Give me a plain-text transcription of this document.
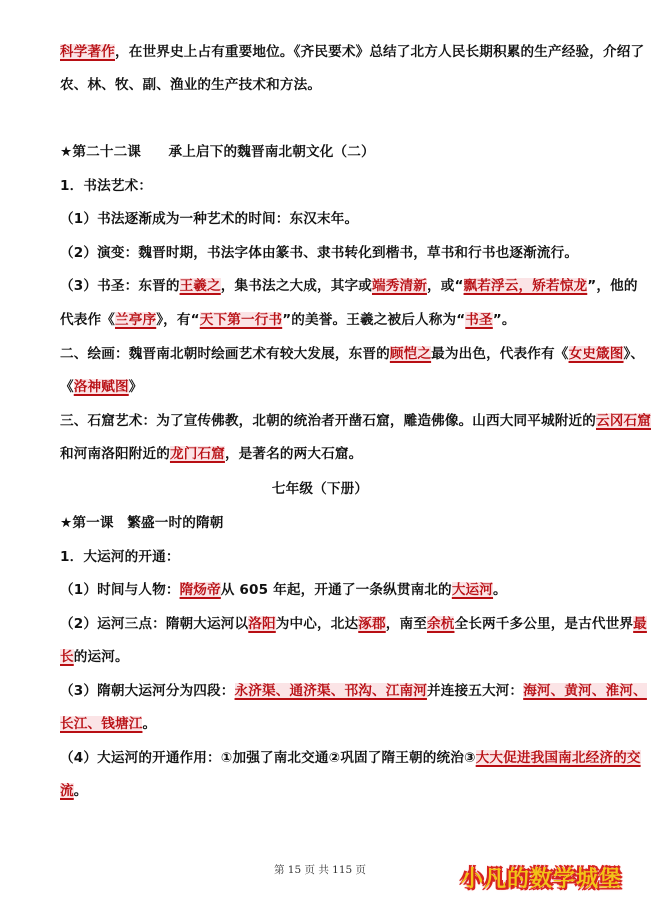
科学著作，在世界史上占有重要地位。《齐民要术》总结了北方人民长期积累的生产经验，介绍了
农、林、牧、副、渔业的生产技术和方法。
★第二十二课　　承上启下的魏晋南北朝文化（二）
1．书法艺术：
（1）书法逐渐成为一种艺术的时间：东汉末年。
（2）演变：魏晋时期，书法字体由篆书、隶书转化到楷书，草书和行书也逐渐流行。
（3）书圣：东晋的王羲之，集书法之大成，其字或端秀清新，或“飘若浮云，矫若惊龙”，他的
代表作《兰亭序》，有“天下第一行书”的美誉。王羲之被后人称为“书圣”。
二、绘画：魏晋南北朝时绘画艺术有较大发展，东晋的顾恺之最为出色，代表作有《女史箴图》、
《洛神赋图》
三、石窟艺术：为了宣传佛教，北朝的统治者开凿石窟，雕造佛像。山西大同平城附近的云冈石窟
和河南洛阳附近的龙门石窟，是著名的两大石窟。
七年级（下册）
★第一课　繁盛一时的隋朝
1．大运河的开通：
（1）时间与人物：隋炀帝从 605 年起，开通了一条纵贯南北的大运河。
（2）运河三点：隋朝大运河以洛阳为中心，北达涿郡，南至余杭全长两千多公里，是古代世界最
长的运河。
（3）隋朝大运河分为四段：永济渠、通济渠、邗沟、江南河并连接五大河：海河、黄河、淮河、
长江、钱塘江。
（4）大运河的开通作用：①加强了南北交通②巩固了隋王朝的统治③大大促进我国南北经济的交
流。
第 15 页 共 115 页	小凡的数学城堡
